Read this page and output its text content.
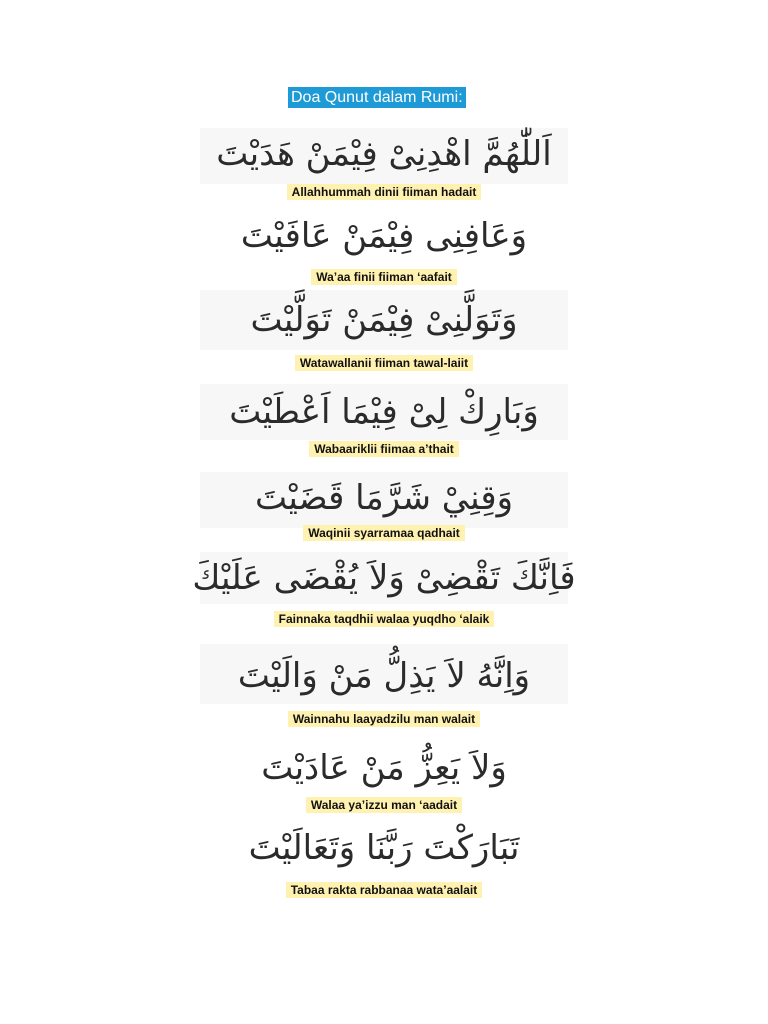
Doa Qunut dalam Rumi:
اَللّٰهُمَّ اهْدِنِىْ فِيْمَنْ هَدَيْتَ
Allahhummah dinii fiiman hadait
وَعَافِنِى فِيْمَنْ عَافَيْتَ
Wa’aa finii fiiman ‘aafait
وَتَوَلَّنِىْ فِيْمَنْ تَوَلَّيْتَ
Watawallanii fiiman tawal-laiit
وَبَارِكْ لِىْ فِيْمَا اَعْطَيْتَ
Wabaariklii fiimaa a’thait
وَقِنِيْ شَرَّمَا قَضَيْتَ
Waqinii syarramaa qadhait
فَاِنَّكَ تَقْضِىْ وَلاَ يُقْضَى عَلَيْكَ
Fainnaka taqdhii walaa yuqdho ‘alaik
وَاِنَّهُ لاَ يَذِلُّ مَنْ وَالَيْتَ
Wainnahu laayadzilu man walait
وَلاَ يَعِزُّ مَنْ عَادَيْتَ
Walaa ya’izzu man ‘aadait
تَبَارَكْتَ رَبَّنَا وَتَعَالَيْتَ
Tabaa rakta rabbanaa wata’aalait
